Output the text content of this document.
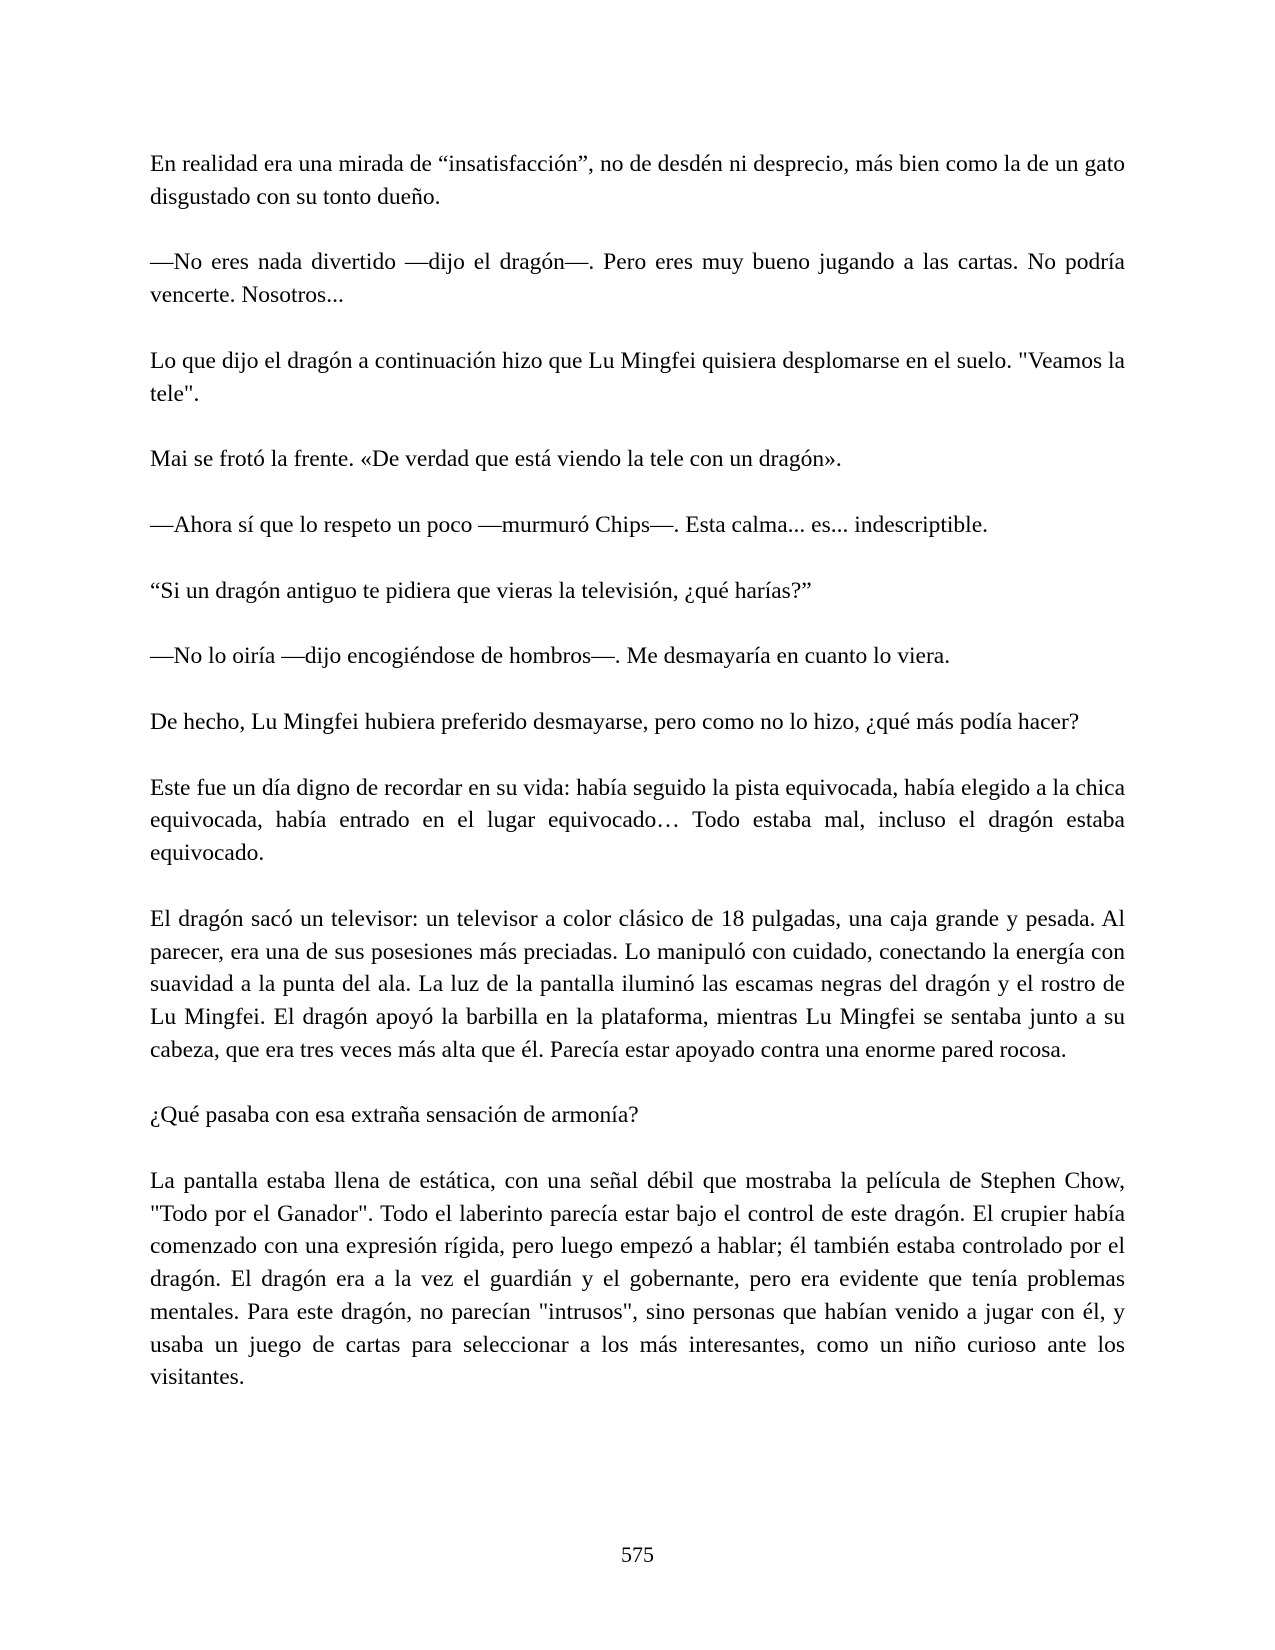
En realidad era una mirada de “insatisfacción”, no de desdén ni desprecio, más bien como la de un gato disgustado con su tonto dueño.

—No eres nada divertido —dijo el dragón—. Pero eres muy bueno jugando a las cartas. No podría vencerte. Nosotros...

Lo que dijo el dragón a continuación hizo que Lu Mingfei quisiera desplomarse en el suelo. "Veamos la tele".

Mai se frotó la frente. «De verdad que está viendo la tele con un dragón».

—Ahora sí que lo respeto un poco —murmuró Chips—. Esta calma... es... indescriptible.

“Si un dragón antiguo te pidiera que vieras la televisión, ¿qué harías?”

—No lo oiría —dijo encogiéndose de hombros—. Me desmayaría en cuanto lo viera.

De hecho, Lu Mingfei hubiera preferido desmayarse, pero como no lo hizo, ¿qué más podía hacer?

Este fue un día digno de recordar en su vida: había seguido la pista equivocada, había elegido a la chica equivocada, había entrado en el lugar equivocado… Todo estaba mal, incluso el dragón estaba equivocado.

El dragón sacó un televisor: un televisor a color clásico de 18 pulgadas, una caja grande y pesada. Al parecer, era una de sus posesiones más preciadas. Lo manipuló con cuidado, conectando la energía con suavidad a la punta del ala. La luz de la pantalla iluminó las escamas negras del dragón y el rostro de Lu Mingfei. El dragón apoyó la barbilla en la plataforma, mientras Lu Mingfei se sentaba junto a su cabeza, que era tres veces más alta que él. Parecía estar apoyado contra una enorme pared rocosa.

¿Qué pasaba con esa extraña sensación de armonía?

La pantalla estaba llena de estática, con una señal débil que mostraba la película de Stephen Chow, "Todo por el Ganador". Todo el laberinto parecía estar bajo el control de este dragón. El crupier había comenzado con una expresión rígida, pero luego empezó a hablar; él también estaba controlado por el dragón. El dragón era a la vez el guardián y el gobernante, pero era evidente que tenía problemas mentales. Para este dragón, no parecían "intrusos", sino personas que habían venido a jugar con él, y usaba un juego de cartas para seleccionar a los más interesantes, como un niño curioso ante los visitantes.

575
